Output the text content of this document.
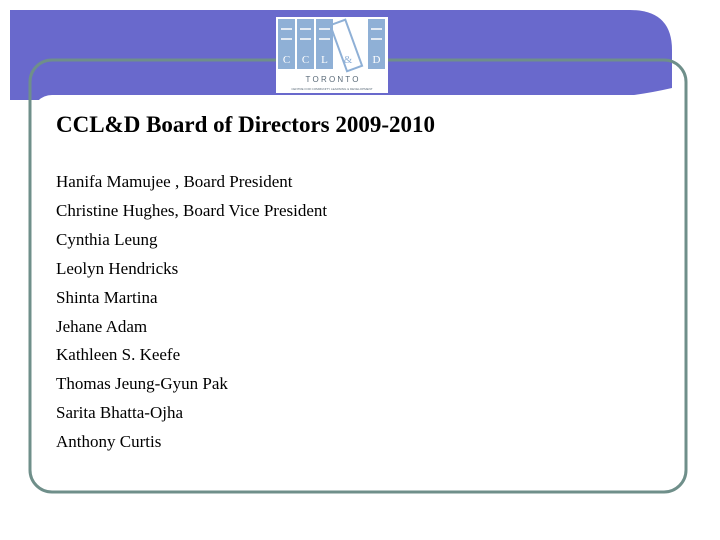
C C L & D
T O R O N T O
CENTRE FOR COMMUNITY LEARNING & DEVELOPMENT
CCL&D Board of Directors 2009-2010
Hanifa Mamujee , Board President
Christine Hughes, Board Vice President
Cynthia Leung
Leolyn Hendricks
Shinta Martina
Jehane Adam
Kathleen S. Keefe
Thomas Jeung-Gyun Pak
Sarita Bhatta-Ojha
Anthony Curtis
